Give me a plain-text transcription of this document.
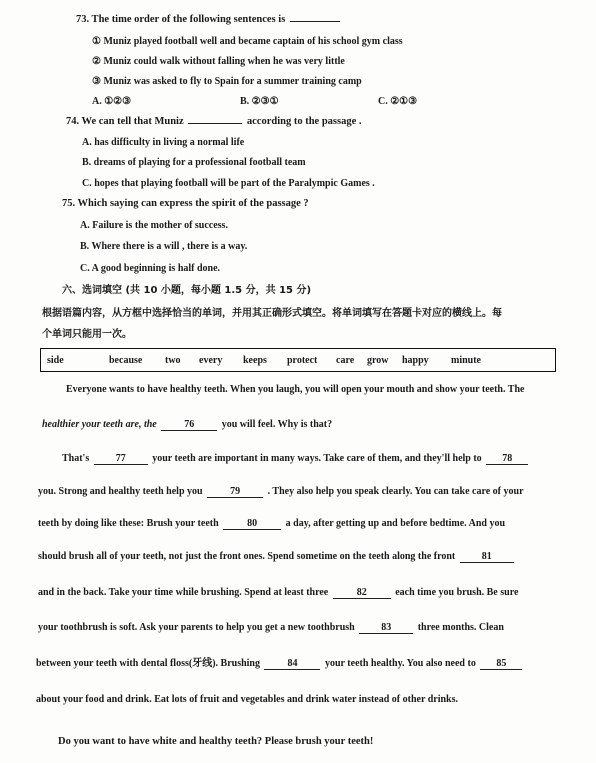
73. The time order of the following sentences is
① Muniz played football well and became captain of his school gym class
② Muniz could walk without falling when he was very little
③ Muniz was asked to fly to Spain for a summer training camp
A. ①②③	B. ②③①	C. ②①③
74. We can tell that Muniz	according to the passage .
A. has difficulty in living a normal life
B. dreams of playing for a professional football team
C. hopes that playing football will be part of the Paralympic Games .
75. Which saying can express the spirit of the passage ?
A. Failure is the mother of success.
B. Where there is a will , there is a way.
C. A good beginning is half done.
六、选词填空 (共 10 小题，每小题 1.5 分，共 15 分)
根据语篇内容，从方框中选择恰当的单词，并用其正确形式填空。将单词填写在答题卡对应的横线上。每
个单词只能用一次。
side	because two every keeps protect care grow happy minute
Everyone wants to have healthy teeth. When you laugh, you will open your mouth and show your teeth. The
healthier your teeth are, the	76	you will feel. Why is that?
That's	77	your teeth are important in many ways. Take care of them, and they'll help to 78
you. Strong and healthy teeth help you	79	. They also help you speak clearly. You can take care of your
teeth by doing like these: Brush your teeth	80	a day, after getting up and before bedtime. And you
should brush all of your teeth, not just the front ones. Spend sometime on the teeth along the front	81
and in the back. Take your time while brushing. Spend at least three	82	each time you brush. Be sure
your toothbrush is soft. Ask your parents to help you get a new toothbrush	83	three months. Clean
between your teeth with dental floss(牙线). Brushing	84	your teeth healthy. You also need to 85
about your food and drink. Eat lots of fruit and vegetables and drink water instead of other drinks.
Do you want to have white and healthy teeth? Please brush your teeth!
